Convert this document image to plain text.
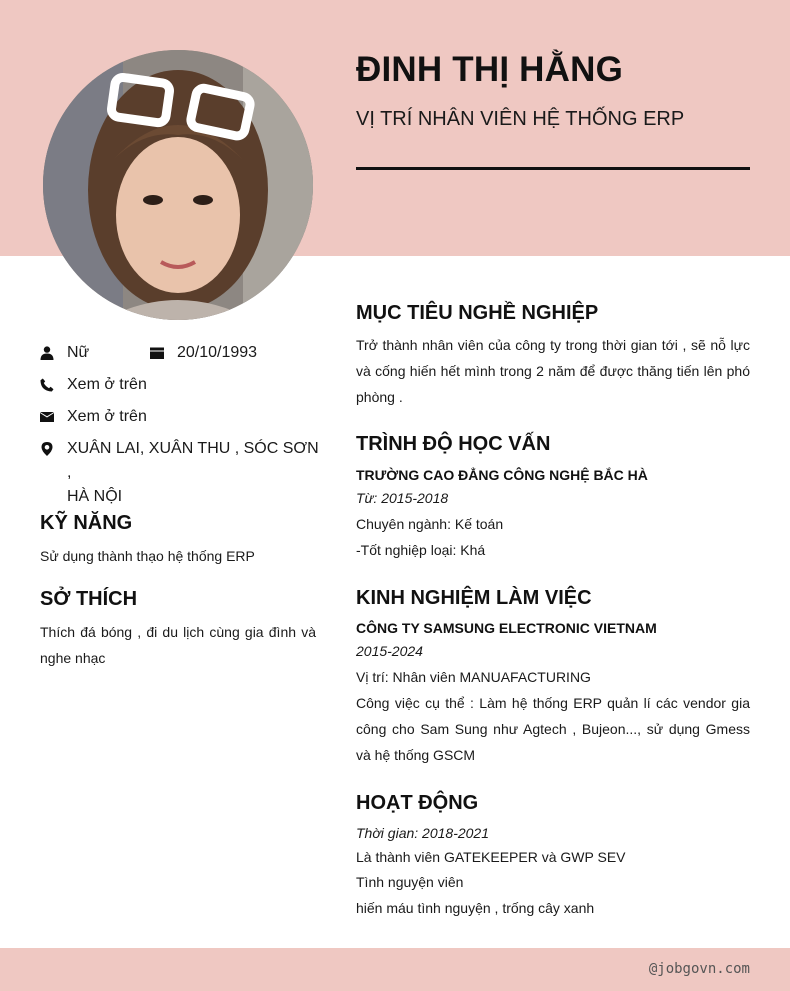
ĐINH THỊ HẰNG
VỊ TRÍ NHÂN VIÊN HỆ THỐNG ERP
Nữ	20/10/1993
Xem ở trên
Xem ở trên
XUÂN LAI, XUÂN THU , SÓC SƠN ,
HÀ NỘI
KỸ NĂNG
Sử dụng thành thạo hệ thống ERP
SỞ THÍCH
Thích đá bóng , đi du lịch cùng gia đình và nghe nhạc
MỤC TIÊU NGHỀ NGHIỆP
Trở thành nhân viên của công ty trong thời gian tới , sẽ nỗ lực và cống hiến hết mình trong 2 năm để được thăng tiến lên phó phòng .
TRÌNH ĐỘ HỌC VẤN
TRƯỜNG CAO ĐẲNG CÔNG NGHỆ BẮC HÀ
Từ: 2015-2018
Chuyên ngành: Kế toán
-Tốt nghiệp loại: Khá
KINH NGHIỆM LÀM VIỆC
CÔNG TY SAMSUNG ELECTRONIC VIETNAM
2015-2024
Vị trí: Nhân viên MANUAFACTURING
Công việc cụ thể : Làm hệ thống ERP quản lí các vendor gia công cho Sam Sung như Agtech , Bujeon..., sử dụng Gmess và hệ thống GSCM
HOẠT ĐỘNG
Thời gian: 2018-2021
Là thành viên GATEKEEPER và GWP SEV
Tình nguyện viên
hiến máu tình nguyện , trống cây xanh
@jobgovn.com
